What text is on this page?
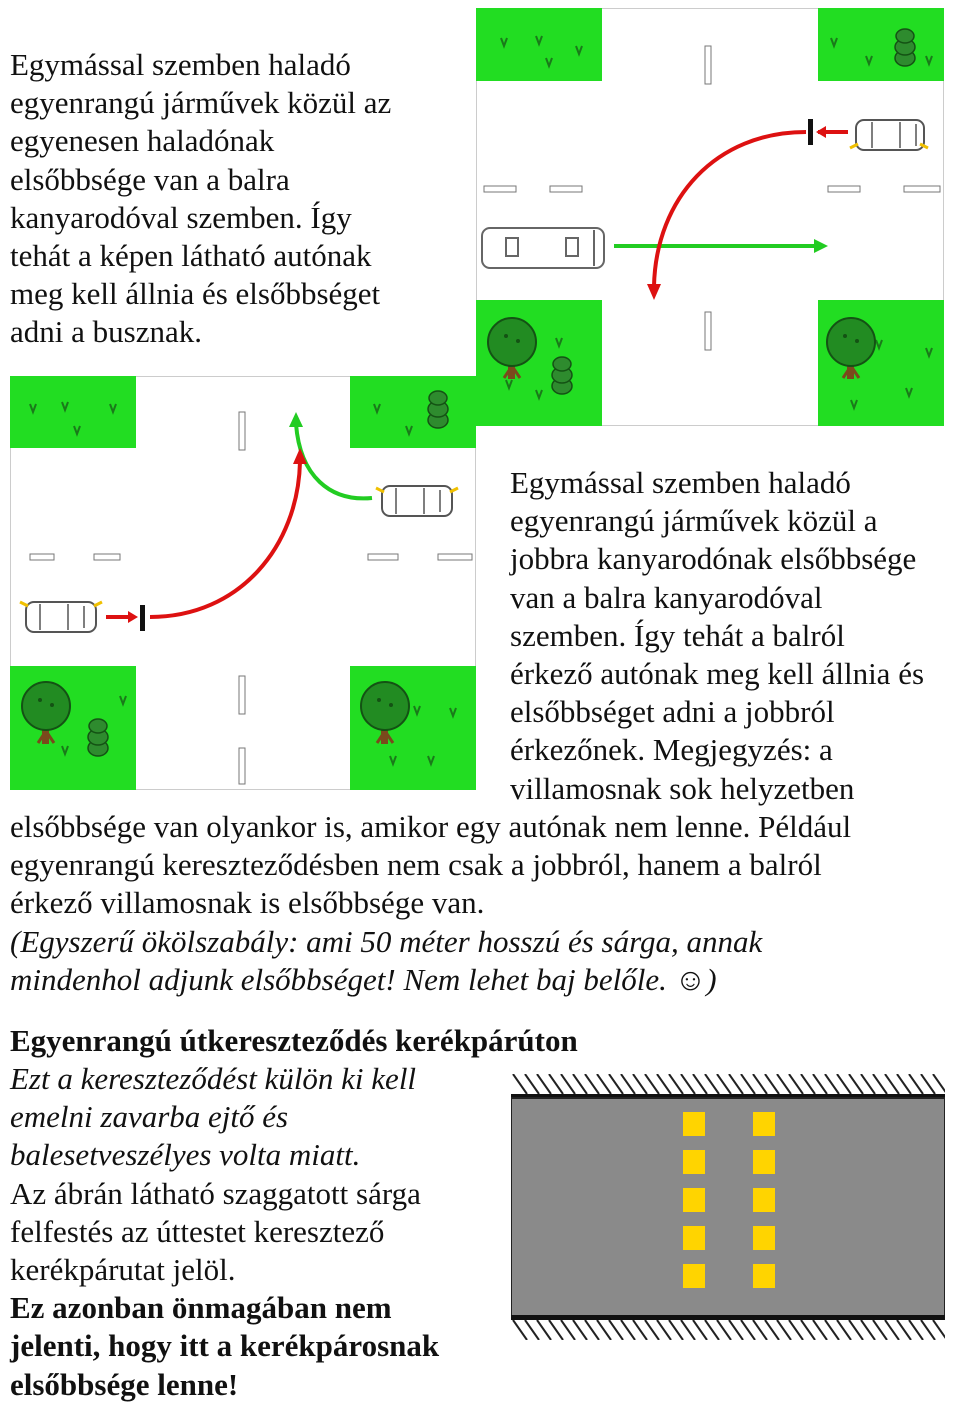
Egymással szemben haladó
egyenrangú járművek közül az
egyenesen haladónak
elsőbbsége van a balra
kanyarodóval szemben. Így
tehát a képen látható autónak
meg kell állnia és elsőbbséget
adni a busznak.
Egymással szemben haladó
egyenrangú járművek közül a
jobbra kanyarodónak elsőbbsége
van a balra kanyarodóval
szemben. Így tehát a balról
érkező autónak meg kell állnia és
elsőbbséget adni a jobbról
érkezőnek. Megjegyzés: a
villamosnak sok helyzetben
elsőbbsége van olyankor is, amikor egy autónak nem lenne. Például
egyenrangú kereszteződésben nem csak a jobbról, hanem a balról
érkező villamosnak is elsőbbsége van.
(Egyszerű ökölszabály: ami 50 méter hosszú és sárga, annak
mindenhol adjunk elsőbbséget! Nem lehet baj belőle. ☺)
Egyenrangú útkereszteződés kerékpárúton
Ezt a kereszteződést külön ki kell
emelni zavarba ejtő és
balesetveszélyes volta miatt.
Az ábrán látható szaggatott sárga
felfestés az úttestet keresztező
kerékpárutat jelöl.
Ez azonban önmagában nem
jelenti, hogy itt a kerékpárosnak
elsőbbsége lenne!
